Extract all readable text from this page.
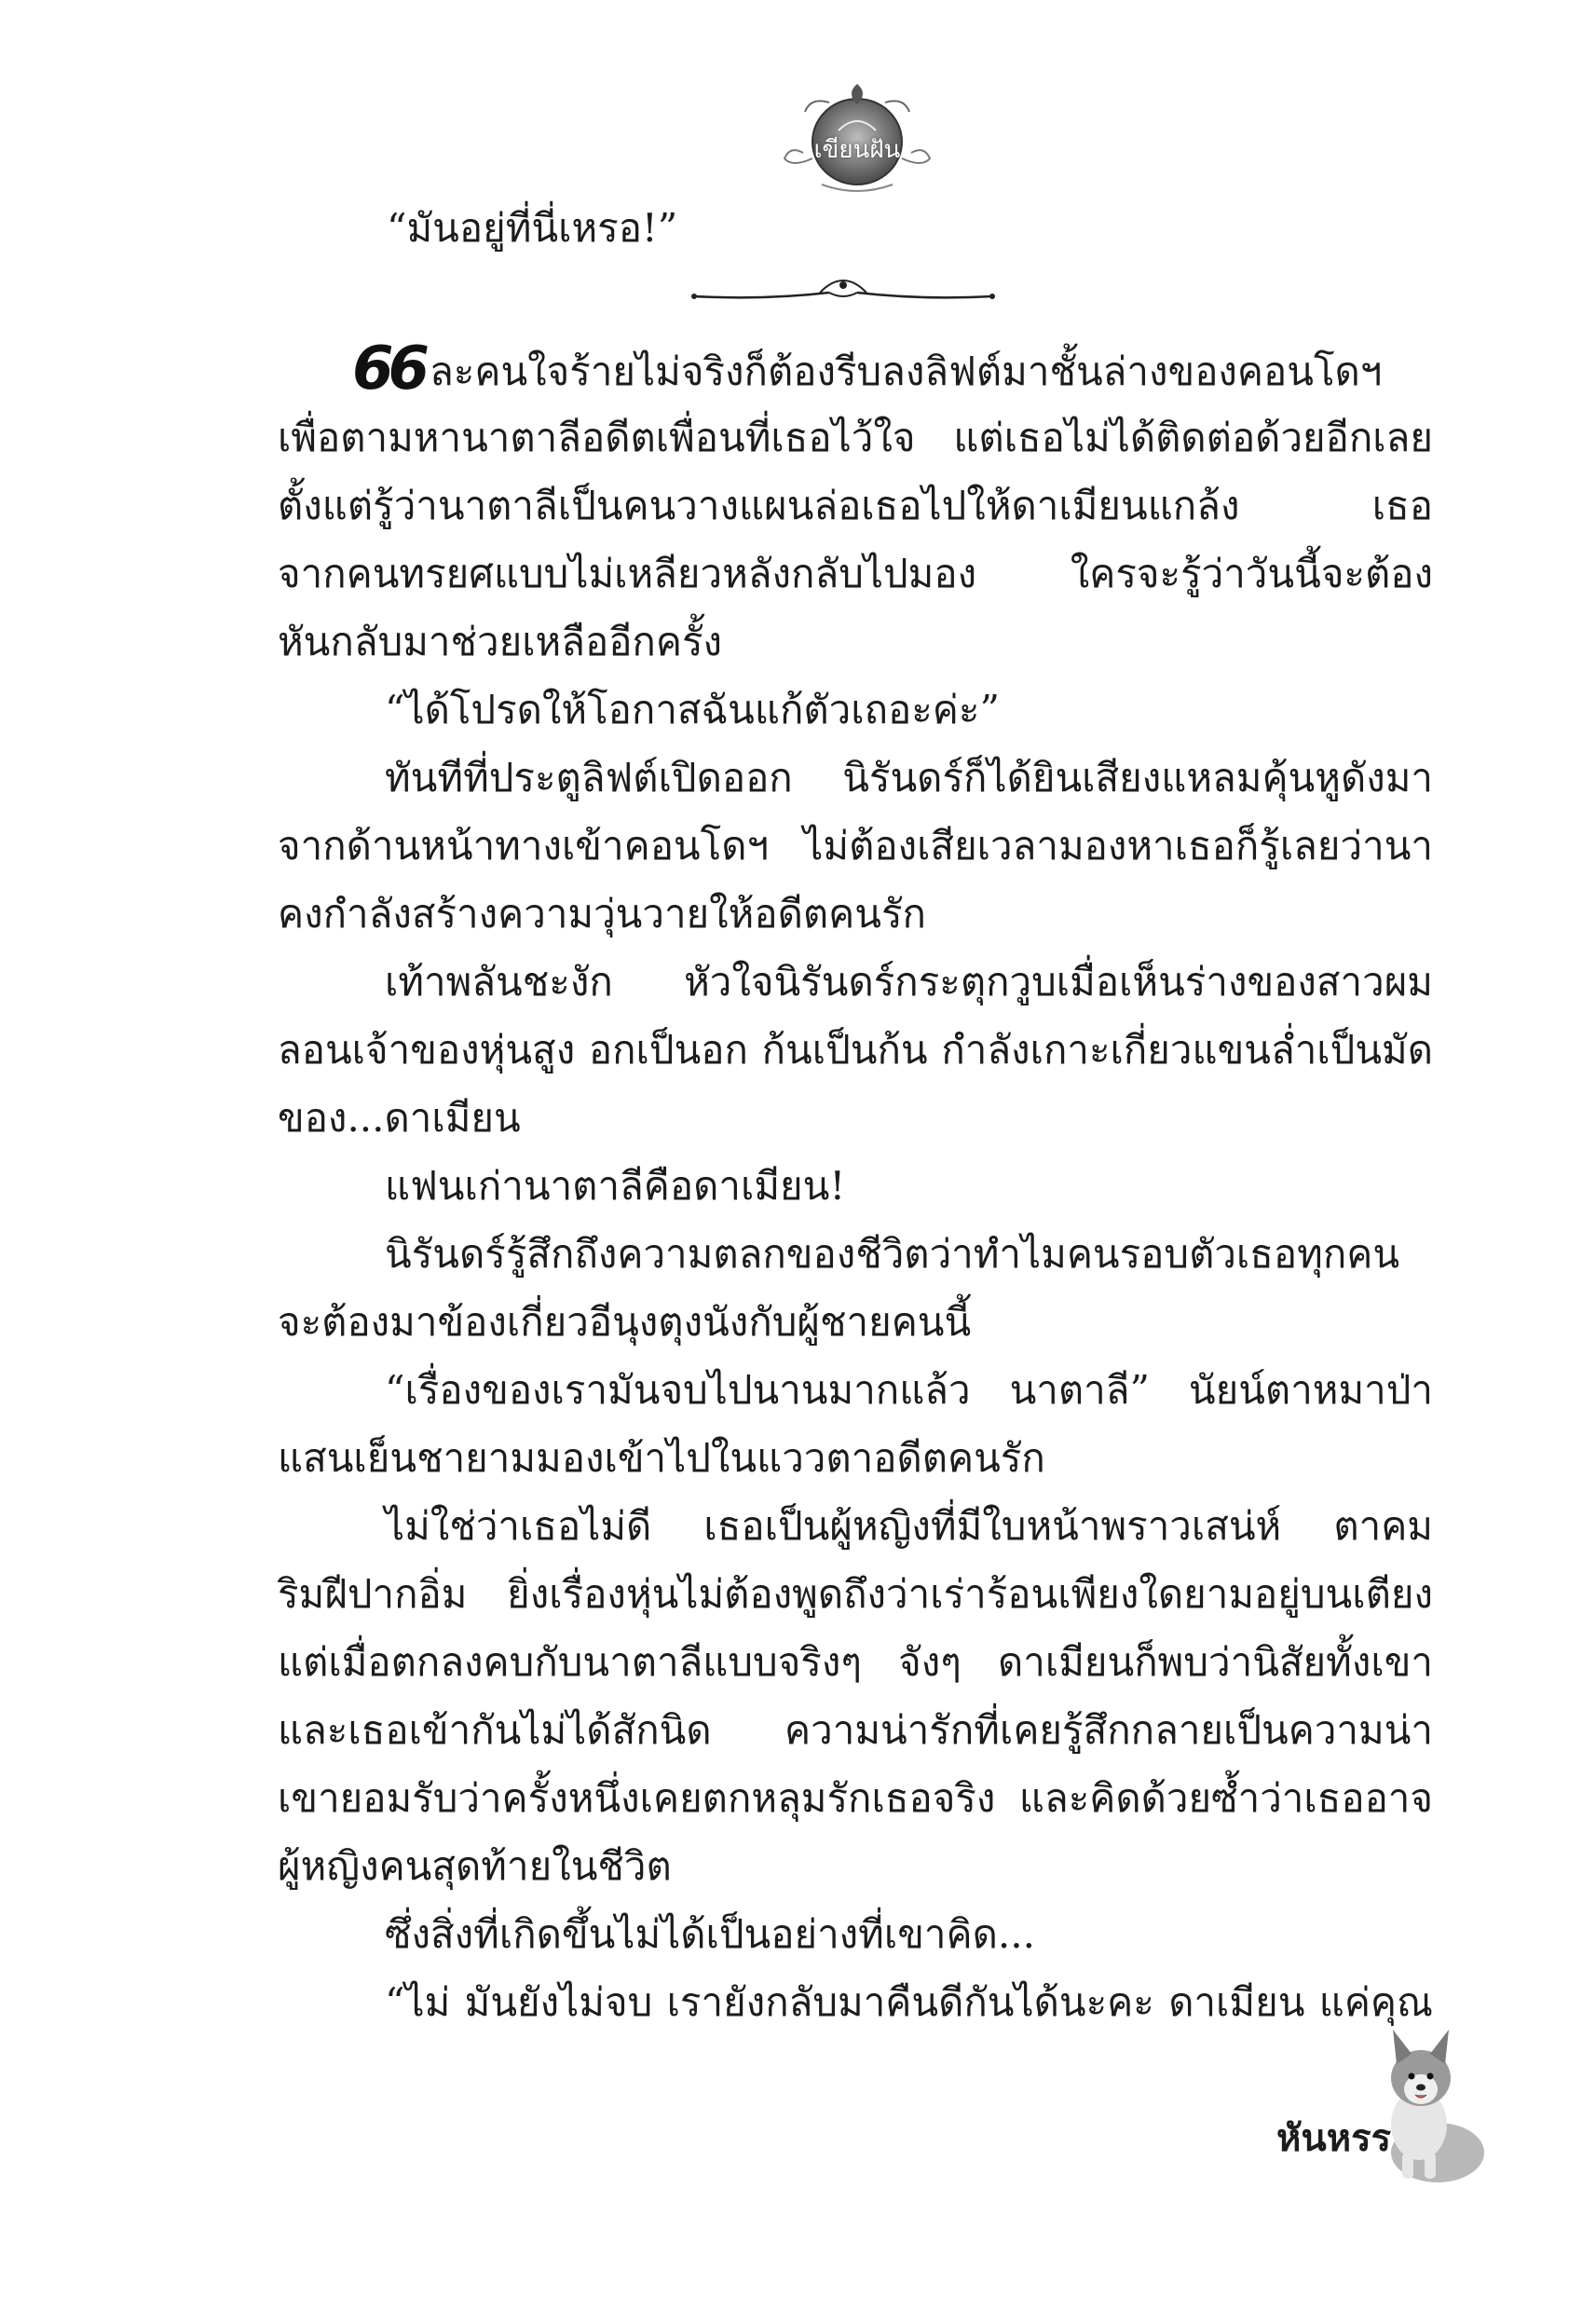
เขียนฝัน
“มันอยู่ที่นี่เหรอ!”
66 ละคนใจร้ายไม่จริงก็ต้องรีบลงลิฟต์มาชั้นล่างของคอนโดฯ
เพื่อตามหานาตาลีอดีตเพื่อนที่เธอไว้ใจ แต่เธอไม่ได้ติดต่อด้วยอีกเลย
ตั้งแต่รู้ว่านาตาลีเป็นคนวางแผนล่อเธอไปให้ดาเมียนแกล้ง เธอ
จากคนทรยศแบบไม่เหลียวหลังกลับไปมอง ใครจะรู้ว่าวันนี้จะต้อง
หันกลับมาช่วยเหลืออีกครั้ง
“ได้โปรดให้โอกาสฉันแก้ตัวเถอะค่ะ”
ทันทีที่ประตูลิฟต์เปิดออก นิรันดร์ก็ได้ยินเสียงแหลมคุ้นหูดังมา
จากด้านหน้าทางเข้าคอนโดฯ ไม่ต้องเสียเวลามองหาเธอก็รู้เลยว่านา
คงกำลังสร้างความวุ่นวายให้อดีตคนรัก
เท้าพลันชะงัก หัวใจนิรันดร์กระตุกวูบเมื่อเห็นร่างของสาวผม
ลอนเจ้าของหุ่นสูง อกเป็นอก ก้นเป็นก้น กำลังเกาะเกี่ยวแขนล่ำเป็นมัด
ของ...ดาเมียน
แฟนเก่านาตาลีคือดาเมียน!
นิรันดร์รู้สึกถึงความตลกของชีวิตว่าทำไมคนรอบตัวเธอทุกคน
จะต้องมาข้องเกี่ยวอีนุงตุงนังกับผู้ชายคนนี้
“เรื่องของเรามันจบไปนานมากแล้ว นาตาลี” นัยน์ตาหมาป่า
แสนเย็นชายามมองเข้าไปในแววตาอดีตคนรัก
ไม่ใช่ว่าเธอไม่ดี เธอเป็นผู้หญิงที่มีใบหน้าพราวเสน่ห์ ตาคม
ริมฝีปากอิ่ม ยิ่งเรื่องหุ่นไม่ต้องพูดถึงว่าเร่าร้อนเพียงใดยามอยู่บนเตียง
แต่เมื่อตกลงคบกับนาตาลีแบบจริงๆ จังๆ ดาเมียนก็พบว่านิสัยทั้งเขา
และเธอเข้ากันไม่ได้สักนิด ความน่ารักที่เคยรู้สึกกลายเป็นความน่า
เขายอมรับว่าครั้งหนึ่งเคยตกหลุมรักเธอจริง และคิดด้วยซ้ำว่าเธออาจ
ผู้หญิงคนสุดท้ายในชีวิต
ซึ่งสิ่งที่เกิดขึ้นไม่ได้เป็นอย่างที่เขาคิด...
“ไม่ มันยังไม่จบ เรายังกลับมาคืนดีกันได้นะคะ ดาเมียน แค่คุณ
หันหรร
